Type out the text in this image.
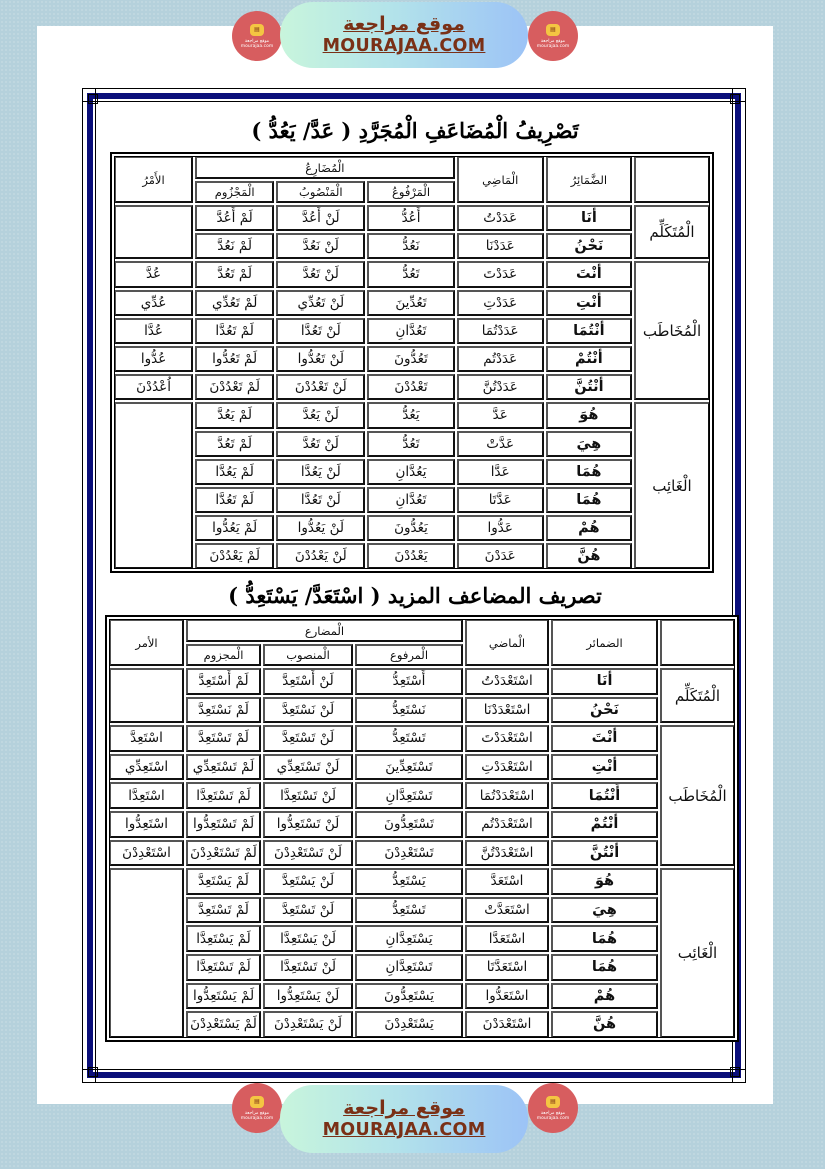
▤
موقع مراجعة mourajaa.com
موقع مراجعة
MOURAJAA.COM
▤
موقع مراجعة mourajaa.com
تَصْرِيفُ الْمُضَاعَفِ الْمُجَرَّدِ ( عَدَّ/ يَعُدُّ )
	الضَّمَائِرُ	الْمَاضِي	الْمُضَارِعُ			الأَمْرُ
			الْمَرْفُوعُ	الْمَنْصُوبُ	الْمَجْزُوم	
الْمُتَكَلِّم	أَنَا	عَدَدْتُ	أَعُدُّ	لَنْ أَعُدَّ	لَمْ أَعُدَّ	
	نَحْنُ	عَدَدْنَا	نَعُدُّ	لَنْ نَعُدَّ	لَمْ نَعُدَّ	
الْمُخَاطَب	أَنْتَ	عَدَدْتَ	تَعُدُّ	لَنْ تَعُدَّ	لَمْ تَعُدَّ	عُدَّ
	أَنْتِ	عَدَدْتِ	تَعُدِّينَ	لَنْ تَعُدِّي	لَمْ تَعُدِّي	عُدِّي
	أَنْتُمَا	عَدَدْتُمَا	تَعُدَّانِ	لَنْ تَعُدَّا	لَمْ تَعُدَّا	عُدَّا
	أَنْتُمْ	عَدَدْتُم	تَعُدُّونَ	لَنْ تَعُدُّوا	لَمْ تَعُدُّوا	عُدُّوا
	أَنْتُنَّ	عَدَدْتُنَّ	تَعْدُدْنَ	لَنْ تَعْدُدْنَ	لَمْ تَعْدُدْنَ	اُعْدُدْنَ
الْغَائِب	هُوَ	عَدَّ	يَعُدُّ	لَنْ يَعُدَّ	لَمْ يَعُدَّ	
	هِيَ	عَدَّتْ	تَعُدُّ	لَنْ تَعُدَّ	لَمْ تَعُدَّ	
	هُمَا	عَدَّا	يَعُدَّانِ	لَنْ يَعُدَّا	لَمْ يَعُدَّا	
	هُمَا	عَدَّتَا	تَعُدَّانِ	لَنْ تَعُدَّا	لَمْ تَعُدَّا	
	هُمْ	عَدُّوا	يَعُدُّونَ	لَنْ يَعُدُّوا	لَمْ يَعُدُّوا	
	هُنَّ	عَدَدْنَ	يَعْدُدْنَ	لَنْ يَعْدُدْنَ	لَمْ يَعْدُدْنَ	
تصريف المضاعف المزيد ( اسْتَعَدَّ/ يَسْتَعِدُّ )
	الضمائر	الْماضي	الْمضارع			الأمر
			الْمرفوع	الْمنصوب	الْمجزوم	
الْمُتَكَلِّم	أَنَا	اسْتَعْدَدْتُ	أَسْتَعِدُّ	لَنْ أَسْتَعِدَّ	لَمْ أَسْتَعِدَّ	
	نَحْنُ	اسْتَعْدَدْنَا	نَسْتَعِدُّ	لَنْ نَسْتَعِدَّ	لَمْ نَسْتَعِدَّ	
الْمُخَاطَب	أَنْتَ	اسْتَعْدَدْتَ	تَسْتَعِدُّ	لَنْ تَسْتَعِدَّ	لَمْ تَسْتَعِدَّ	اسْتَعِدَّ
	أَنْتِ	اسْتَعْدَدْتِ	تَسْتَعِدِّينَ	لَنْ تَسْتَعِدِّي	لَمْ تَسْتَعِدِّي	اسْتَعِدِّي
	أَنْتُمَا	اسْتَعْدَدْتُمَا	تَسْتَعِدَّانِ	لَنْ تَسْتَعِدَّا	لَمْ تَسْتَعِدَّا	اسْتَعِدَّا
	أَنْتُمْ	اسْتَعْدَدْتُم	تَسْتَعِدُّونَ	لَنْ تَسْتَعِدُّوا	لَمْ تَسْتَعِدُّوا	اسْتَعِدُّوا
	أَنْتُنَّ	اسْتَعْدَدْتُنَّ	تَسْتَعْدِدْنَ	لَنْ تَسْتَعْدِدْنَ	لَمْ تَسْتَعْدِدْنَ	اسْتَعْدِدْنَ
الْغَائِب	هُوَ	اسْتَعَدَّ	يَسْتَعِدُّ	لَنْ يَسْتَعِدَّ	لَمْ يَسْتَعِدَّ	
	هِيَ	اسْتَعَدَّتْ	تَسْتَعِدُّ	لَنْ تَسْتَعِدَّ	لَمْ تَسْتَعِدَّ	
	هُمَا	اسْتَعَدَّا	يَسْتَعِدَّانِ	لَنْ يَسْتَعِدَّا	لَمْ يَسْتَعِدَّا	
	هُمَا	اسْتَعَدَّتَا	تَسْتَعِدَّانِ	لَنْ تَسْتَعِدَّا	لَمْ تَسْتَعِدَّا	
	هُمْ	اسْتَعَدُّوا	يَسْتَعِدُّونَ	لَنْ يَسْتَعِدُّوا	لَمْ يَسْتَعِدُّوا	
	هُنَّ	اسْتَعْدَدْنَ	يَسْتَعْدِدْنَ	لَنْ يَسْتَعْدِدْنَ	لَمْ يَسْتَعْدِدْنَ	
▤
موقع مراجعة mourajaa.com	موقع مراجعة
MOURAJAA.COM
▤
موقع مراجعة mourajaa.com
